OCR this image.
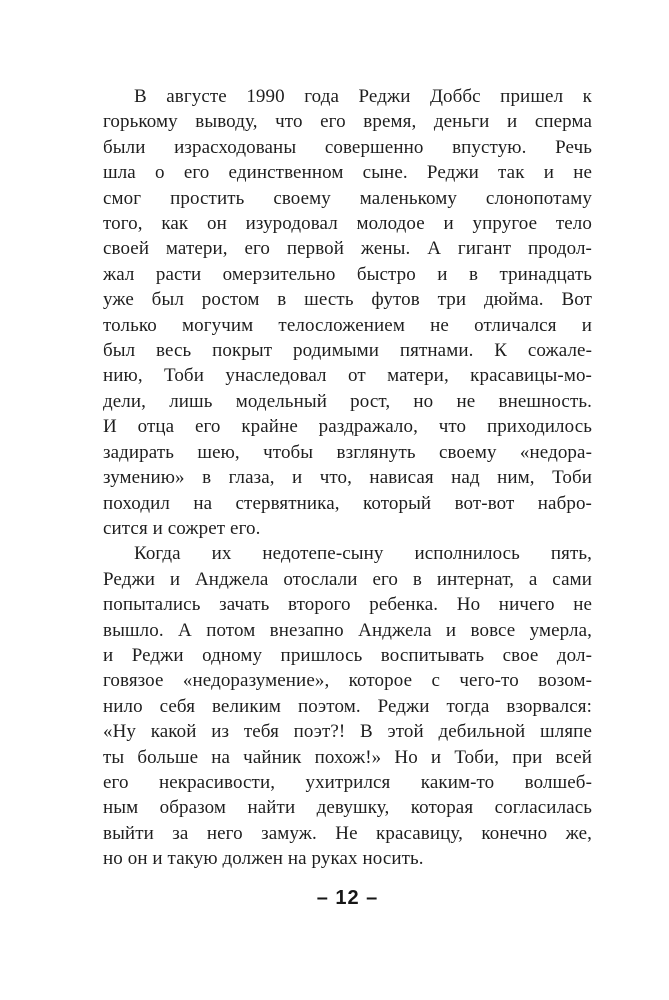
В августе 1990 года Реджи Доббс пришел к
горькому выводу, что его время, деньги и сперма
были израсходованы совершенно впустую. Речь
шла о его единственном сыне. Реджи так и не
смог простить своему маленькому слонопотаму
того, как он изуродовал молодое и упругое тело
своей матери, его первой жены. А гигант продол-
жал расти омерзительно быстро и в тринадцать
уже был ростом в шесть футов три дюйма. Вот
только могучим телосложением не отличался и
был весь покрыт родимыми пятнами. К сожале-
нию, Тоби унаследовал от матери, красавицы-мо-
дели, лишь модельный рост, но не внешность.
И отца его крайне раздражало, что приходилось
задирать шею, чтобы взглянуть своему «недора-
зумению» в глаза, и что, нависая над ним, Тоби
походил на стервятника, который вот-вот набро-
сится и сожрет его.
Когда их недотепе-сыну исполнилось пять,
Реджи и Анджела отослали его в интернат, а сами
попытались зачать второго ребенка. Но ничего не
вышло. А потом внезапно Анджела и вовсе умерла,
и Реджи одному пришлось воспитывать свое дол-
говязое «недоразумение», которое с чего-то возом-
нило себя великим поэтом. Реджи тогда взорвался:
«Ну какой из тебя поэт?! В этой дебильной шляпе
ты больше на чайник похож!» Но и Тоби, при всей
его некрасивости, ухитрился каким-то волшеб-
ным образом найти девушку, которая согласилась
выйти за него замуж. Не красавицу, конечно же,
но он и такую должен на руках носить.
– 12 –
